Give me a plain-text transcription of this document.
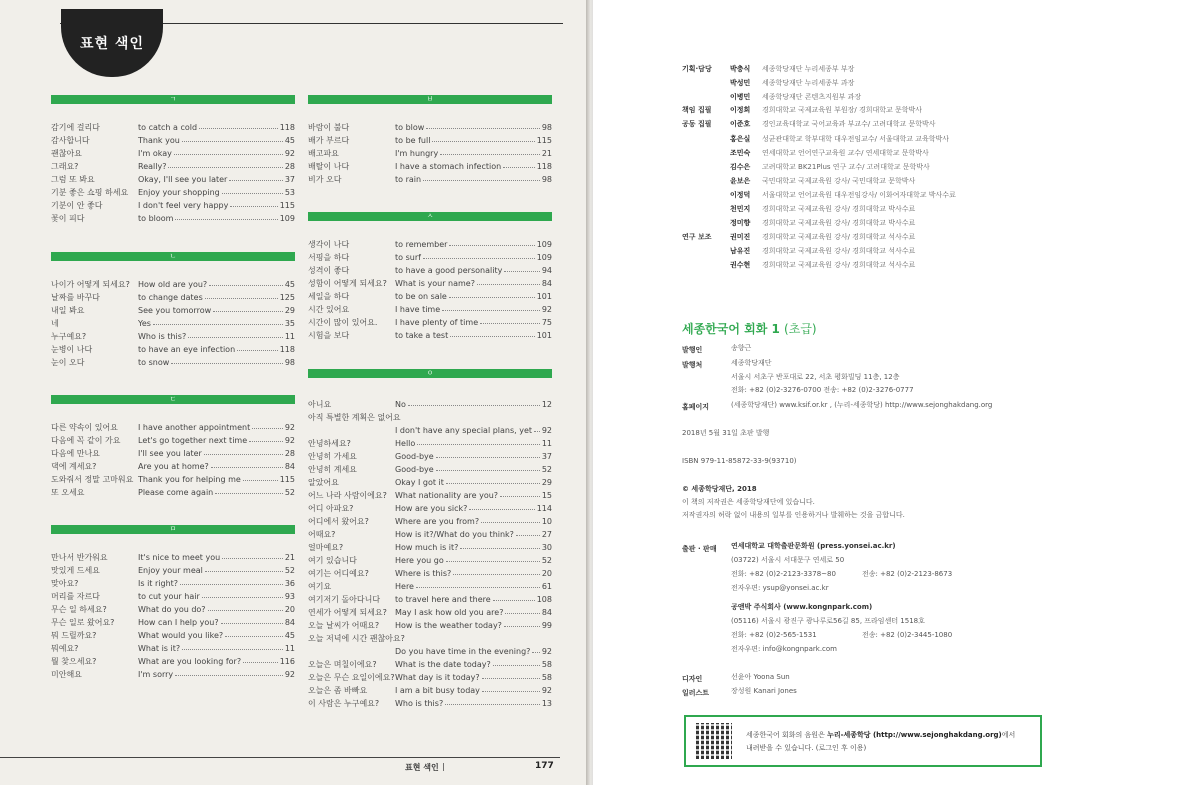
표현 색인
ㄱ
감기에 걸리다	to catch a cold	118
감사합니다	Thank you	45
괜찮아요	I'm okay	92
그래요?	Really?	28
그럼 또 봐요	Okay, I'll see you later	37
기분 좋은 쇼핑 하세요	Enjoy your shopping	53
기분이 안 좋다	I don't feel very happy	115
꽃이 피다	to bloom	109
ㄴ
나이가 어떻게 되세요?	How old are you?	45
날짜를 바꾸다	to change dates	125
내일 봐요	See you tomorrow	29
네	Yes	35
누구예요?	Who is this?	11
눈병이 나다	to have an eye infection	118
눈이 오다	to snow	98
ㄷ
다른 약속이 있어요	I have another appointment	92
다음에 꼭 같이 가요	Let's go together next time	92
다음에 만나요	I'll see you later	28
댁에 계세요?	Are you at home?	84
도와줘서 정말 고마워요 Thank you for helping me	115
또 오세요	Please come again	52
ㅁ
만나서 반가워요	It's nice to meet you	21
맛있게 드세요	Enjoy your meal	52
맞아요?	Is it right?	36
머리를 자르다	to cut your hair	93
무슨 일 하세요?	What do you do?	20
무슨 일로 왔어요?	How can I help you?	84
뭐 드릴까요?	What would you like?	45
뭐예요?	What is it?	11
뭘 찾으세요?	What are you looking for?	116
미안해요	I'm sorry	92
ㅂ
바람이 불다	to blow	98
배가 부르다	to be full	115
배고파요	I'm hungry	21
배탈이 나다	I have a stomach infection	118
비가 오다	to rain	98
ㅅ
생각이 나다	to remember	109
서핑을 하다	to surf	109
성격이 좋다	to have a good personality	94
성함이 어떻게 되세요?	What is your name?	84
세일을 하다	to be on sale	101
시간 있어요	I have time	92
시간이 많이 있어요.	I have plenty of time	75
시험을 보다	to take a test	101
ㅇ
아니요	No	12
아직 특별한 계획은 없어요
I don't have any special plans, yet 92
안녕하세요?	Hello	11
안녕히 가세요	Good-bye	37
안녕히 계세요	Good-bye	52
알았어요	Okay I got it	29
어느 나라 사람이에요?	What nationality are you?	15
어디 아파요?	How are you sick?	114
어디에서 왔어요?	Where are you from?	10
어때요?	How is it?/What do you think?	27
얼마예요?	How much is it?	30
여기 있습니다	Here you go	52
여기는 어디예요?	Where is this?	20
여기요	Here	61
여기저기 돌아다니다	to travel here and there	108
연세가 어떻게 되세요?	May I ask how old you are?	84
오늘 날씨가 어때요?	How is the weather today?	99
오늘 저녁에 시간 괜찮아요?
Do you have time in the evening? 92
오늘은 며칠이에요?	What is the date today?	58
오늘은 무슨 요일이에요? What day is it today?	58
오늘은 좀 바빠요	I am a bit busy today	92
이 사람은 누구예요?	Who is this?	13
표현 색인 |	177
기획·담당	박충식	세종학당재단 누리세종부 부장
박성민	세종학당재단 누리세종부 과장
이병민	세종학당재단 콘텐츠지원부 과장
책임 집필	이정희	경희대학교 국제교육원 부원장/ 경희대학교 문학박사
공동 집필	이준호	경인교육대학교 국어교육과 부교수/ 고려대학교 문학박사
홍은실	성균관대학교 학부대학 대우전임교수/ 서울대학교 교육학박사
조민숙	연세대학교 언어연구교육원 교수/ 연세대학교 문학박사
김수은	고려대학교 BK21Plus 연구 교수/ 고려대학교 문학박사
윤보은	국민대학교 국제교육원 강사/ 국민대학교 문학박사
이정덕	서울대학교 언어교육원 대우전임강사/ 이화여자대학교 박사수료
천민지	경희대학교 국제교육원 강사/ 경희대학교 박사수료
정미향	경희대학교 국제교육원 강사/ 경희대학교 박사수료
연구 보조	권미진	경희대학교 국제교육원 강사/ 경희대학교 석사수료
남유진	경희대학교 국제교육원 강사/ 경희대학교 석사수료
권수현	경희대학교 국제교육원 강사/ 경희대학교 석사수료
세종한국어 회화 1 (초급)
발행인	송향근
발행처	세종학당재단
서울시 서초구 반포대로 22, 서초 평화빌딩 11층, 12층
전화: +82 (0)2-3276-0700 전송: +82 (0)2-3276-0777
홈페이지	(세종학당재단) www.ksif.or.kr , (누리-세종학당) http://www.sejonghakdang.org
2018년 5월 31일 초판 발행
ISBN 979-11-85872-33-9(93710)
© 세종학당재단, 2018
이 책의 저작권은 세종학당재단에 있습니다.
저작권자의 허락 없이 내용의 일부를 인용하거나 발췌하는 것을 금합니다.
출판 · 판매 연세대학교 대학출판문화원 (press.yonsei.ac.kr)
(03722) 서울시 서대문구 연세로 50
전화: +82 (0)2-2123-3378~80	전송: +82 (0)2-2123-8673
전자우편: ysup@yonsei.ac.kr
공앤박 주식회사 (www.kongnpark.com)
(05116) 서울시 광진구 광나루로56길 85, 프라임센터 1518호
전화: +82 (0)2-565-1531	전송: +82 (0)2-3445-1080
전자우편: info@kongnpark.com
디자인	선윤아 Yoona Sun
일러스트	장성원 Kanari Jones
세종한국어 회화의 음원은 누리-세종학당 (http://www.sejonghakdang.org)에서
내려받을 수 있습니다. (로그인 후 이용)
